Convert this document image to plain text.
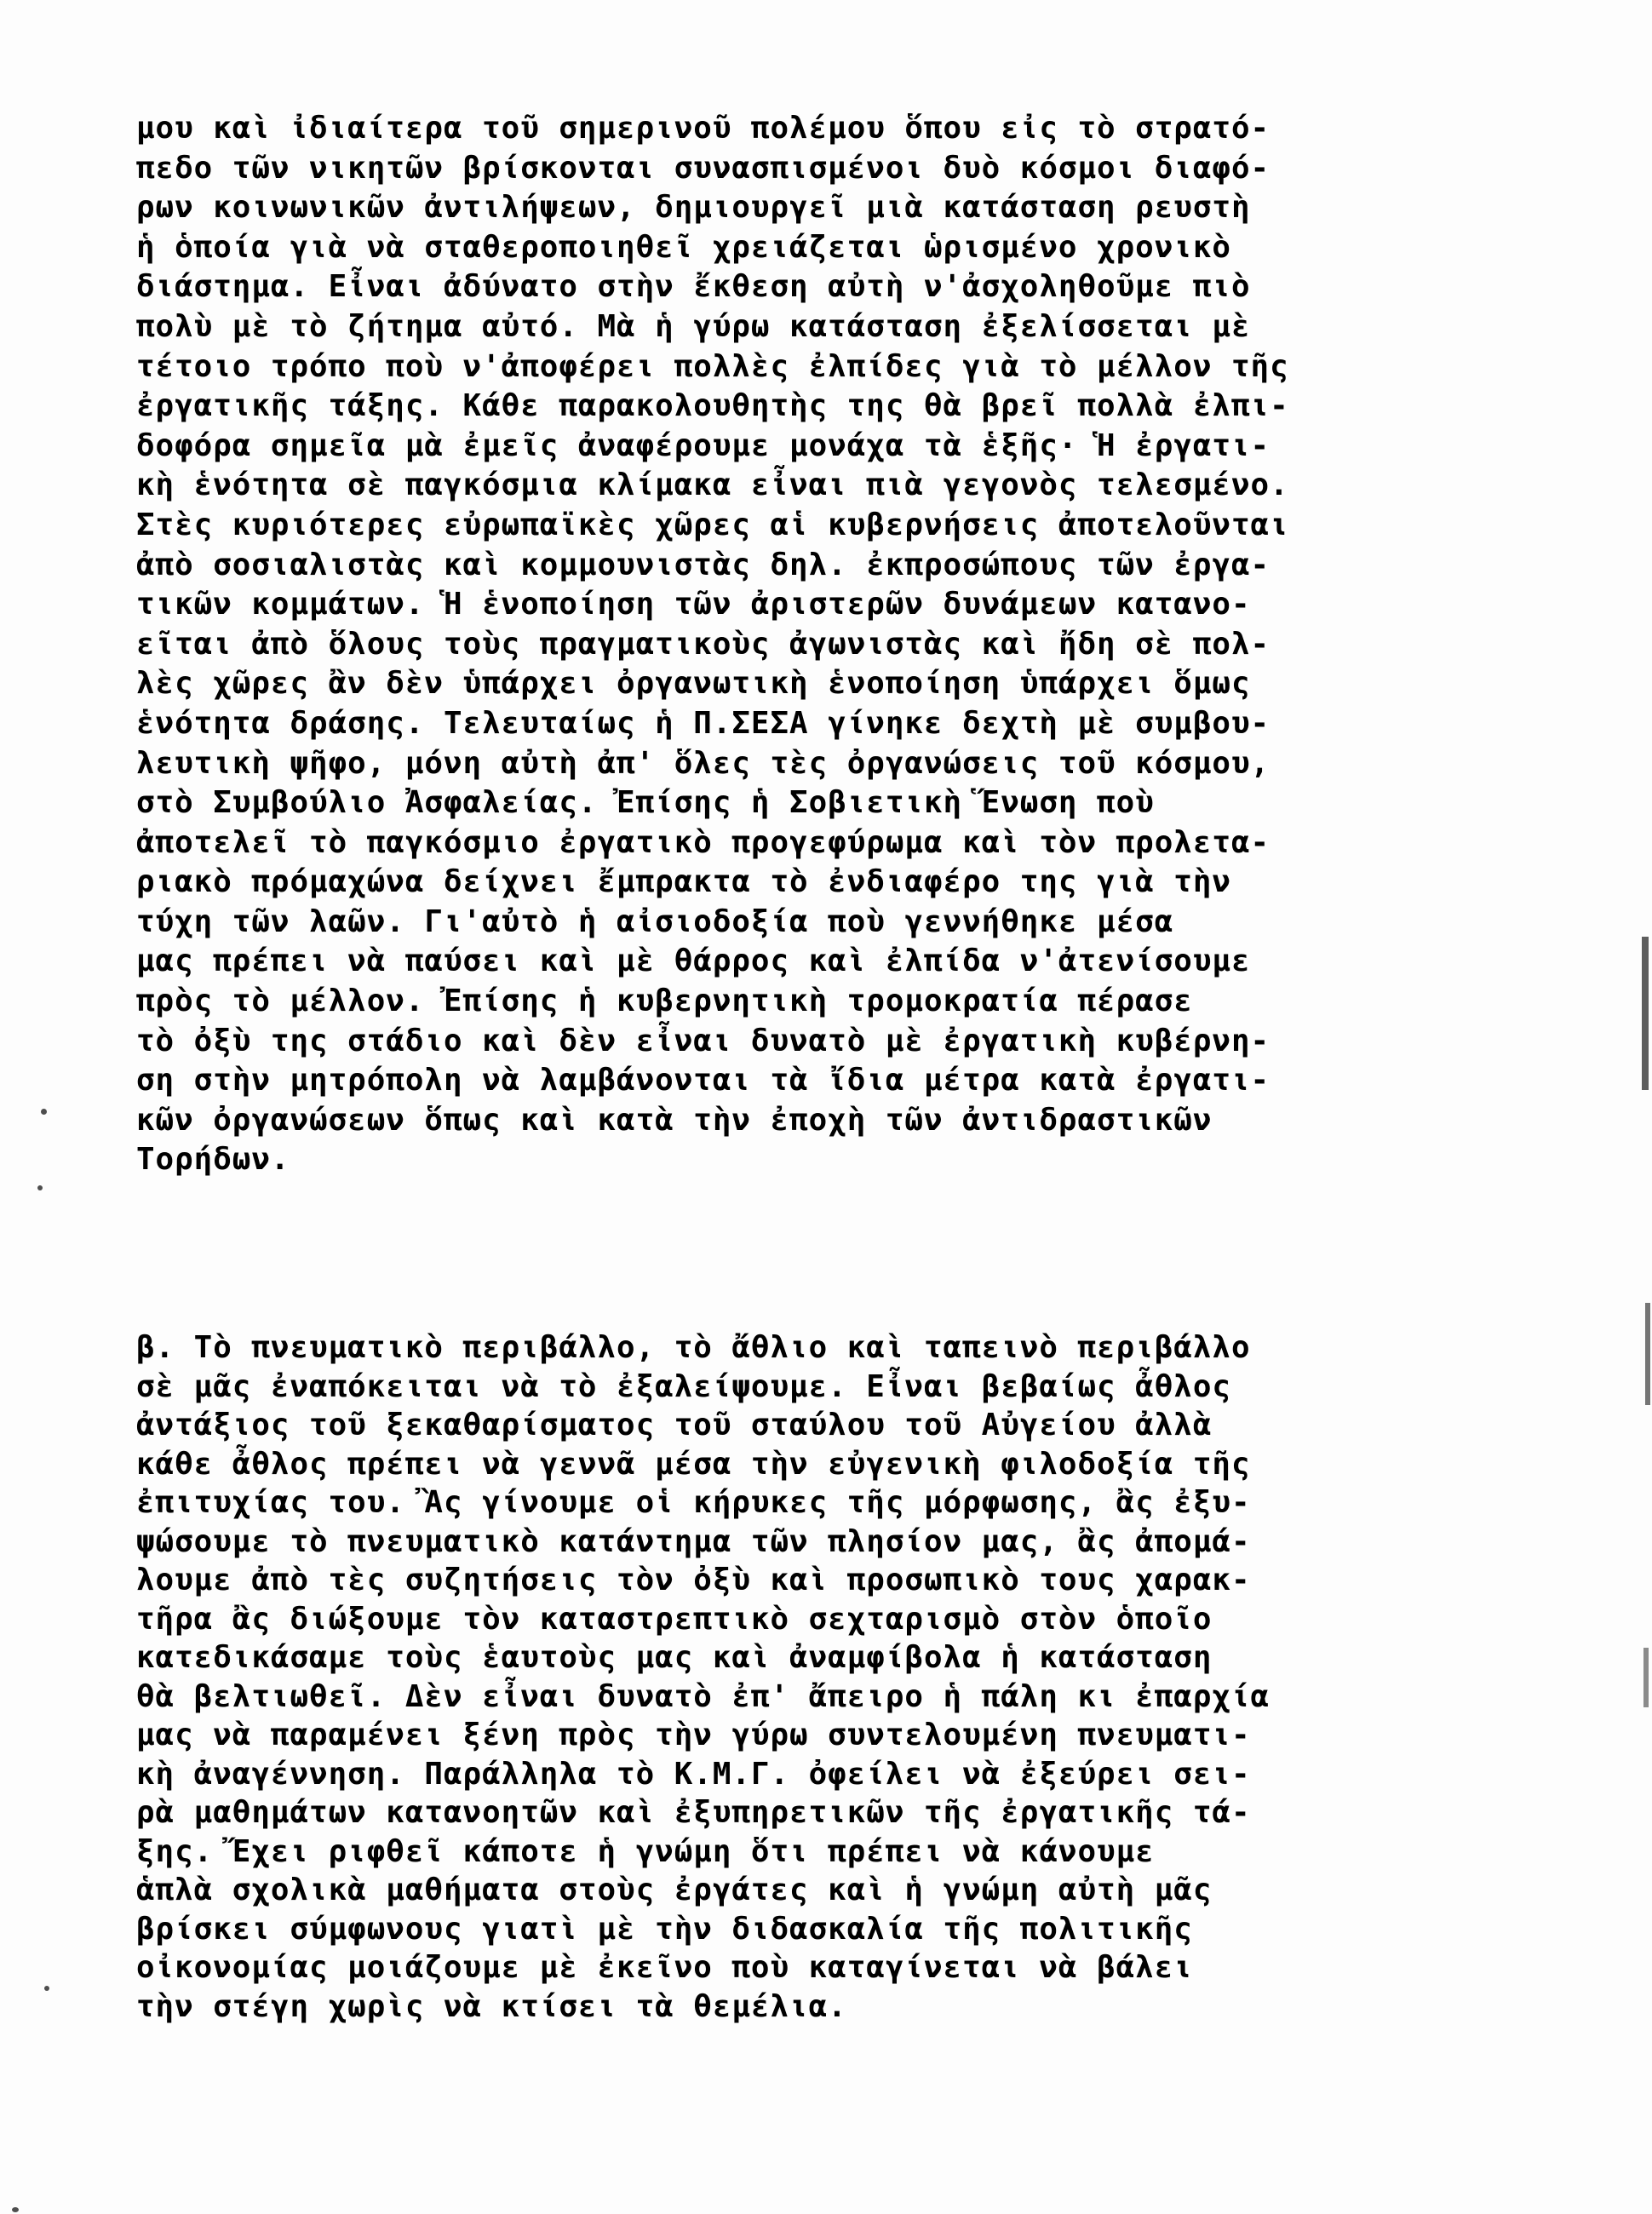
μου καὶ ἰδιαίτερα τοῦ σημερινοῦ πολέμου ὅπου εἰς τὸ στρατό-
πεδο τῶν νικητῶν βρίσκονται συνασπισμένοι δυὸ κόσμοι διαφό-
ρων κοινωνικῶν ἀντιλήψεων, δημιουργεῖ μιὰ κατάσταση ρευστὴ
ἡ ὁποία γιὰ νὰ σταθεροποιηθεῖ χρειάζεται ὡρισμένο χρονικὸ
διάστημα. Εἶναι ἀδύνατο στὴν ἔκθεση αὐτὴ ν'ἀσχοληθοῦμε πιὸ
πολὺ μὲ τὸ ζήτημα αὐτό. Μὰ ἡ γύρω κατάσταση ἐξελίσσεται μὲ
τέτοιο τρόπο ποὺ ν'ἀποφέρει πολλὲς ἐλπίδες γιὰ τὸ μέλλον τῆς
ἐργατικῆς τάξης. Κάθε παρακολουθητὴς της θὰ βρεῖ πολλὰ ἐλπι-
δοφόρα σημεῖα μὰ ἐμεῖς ἀναφέρουμε μονάχα τὰ ἑξῆς· Ἡ ἐργατι-
κὴ ἑνότητα σὲ παγκόσμια κλίμακα εἶναι πιὰ γεγονὸς τελεσμένο.
Στὲς κυριότερες εὐρωπαϊκὲς χῶρες αἱ κυβερνήσεις ἀποτελοῦνται
ἀπὸ σοσιαλιστὰς καὶ κομμουνιστὰς δηλ. ἐκπροσώπους τῶν ἐργα-
τικῶν κομμάτων. Ἡ ἑνοποίηση τῶν ἀριστερῶν δυνάμεων κατανο-
εῖται ἀπὸ ὅλους τοὺς πραγματικοὺς ἀγωνιστὰς καὶ ἤδη σὲ πολ-
λὲς χῶρες ἂν δὲν ὑπάρχει ὀργανωτικὴ ἑνοποίηση ὑπάρχει ὅμως
ἑνότητα δράσης. Τελευταίως ἡ Π.ΣΕΣΑ γίνηκε δεχτὴ μὲ συμβου-
λευτικὴ ψῆφο, μόνη αὐτὴ ἀπ' ὅλες τὲς ὀργανώσεις τοῦ κόσμου,
στὸ Συμβούλιο Ἀσφαλείας. Ἐπίσης ἡ Σοβιετικὴ Ἕνωση ποὺ
ἀποτελεῖ τὸ παγκόσμιο ἐργατικὸ προγεφύρωμα καὶ τὸν προλετα-
ριακὸ πρόμαχώνα δείχνει ἔμπρακτα τὸ ἐνδιαφέρο της γιὰ τὴν
τύχη τῶν λαῶν. Γι'αὐτὸ ἡ αἰσιοδοξία ποὺ γεννήθηκε μέσα
μας πρέπει νὰ παύσει καὶ μὲ θάρρος καὶ ἐλπίδα ν'ἀτενίσουμε
πρὸς τὸ μέλλον. Ἐπίσης ἡ κυβερνητικὴ τρομοκρατία πέρασε
τὸ ὀξὺ της στάδιο καὶ δὲν εἶναι δυνατὸ μὲ ἐργατικὴ κυβέρνη-
ση στὴν μητρόπολη νὰ λαμβάνονται τὰ ἴδια μέτρα κατὰ ἐργατι-
κῶν ὀργανώσεων ὅπως καὶ κατὰ τὴν ἐποχὴ τῶν ἀντιδραστικῶν
Τορήδων.
β. Τὸ πνευματικὸ περιβάλλο, τὸ ἄθλιο καὶ ταπεινὸ περιβάλλο
σὲ μᾶς ἐναπόκειται νὰ τὸ ἐξαλείψουμε. Εἶναι βεβαίως ἆθλος
ἀντάξιος τοῦ ξεκαθαρίσματος τοῦ σταύλου τοῦ Αὐγείου ἀλλὰ
κάθε ἆθλος πρέπει νὰ γεννᾶ μέσα τὴν εὐγενικὴ φιλοδοξία τῆς
ἐπιτυχίας του. Ἂς γίνουμε οἱ κήρυκες τῆς μόρφωσης, ἂς ἐξυ-
ψώσουμε τὸ πνευματικὸ κατάντημα τῶν πλησίον μας, ἂς ἀπομά-
λουμε ἀπὸ τὲς συζητήσεις τὸν ὀξὺ καὶ προσωπικὸ τους χαρακ-
τῆρα ἂς διώξουμε τὸν καταστρεπτικὸ σεχταρισμὸ στὸν ὁποῖο
κατεδικάσαμε τοὺς ἑαυτοὺς μας καὶ ἀναμφίβολα ἡ κατάσταση
θὰ βελτιωθεῖ. Δὲν εἶναι δυνατὸ ἐπ' ἄπειρο ἡ πάλη κι ἐπαρχία
μας νὰ παραμένει ξένη πρὸς τὴν γύρω συντελουμένη πνευματι-
κὴ ἀναγέννηση. Παράλληλα τὸ Κ.Μ.Γ. ὀφείλει νὰ ἐξεύρει σει-
ρὰ μαθημάτων κατανοητῶν καὶ ἐξυπηρετικῶν τῆς ἐργατικῆς τά-
ξης. Ἔχει ριφθεῖ κάποτε ἡ γνώμη ὅτι πρέπει νὰ κάνουμε
ἁπλὰ σχολικὰ μαθήματα στοὺς ἐργάτες καὶ ἡ γνώμη αὐτὴ μᾶς
βρίσκει σύμφωνους γιατὶ μὲ τὴν διδασκαλία τῆς πολιτικῆς
οἰκονομίας μοιάζουμε μὲ ἐκεῖνο ποὺ καταγίνεται νὰ βάλει
τὴν στέγη χωρὶς νὰ κτίσει τὰ θεμέλια.
